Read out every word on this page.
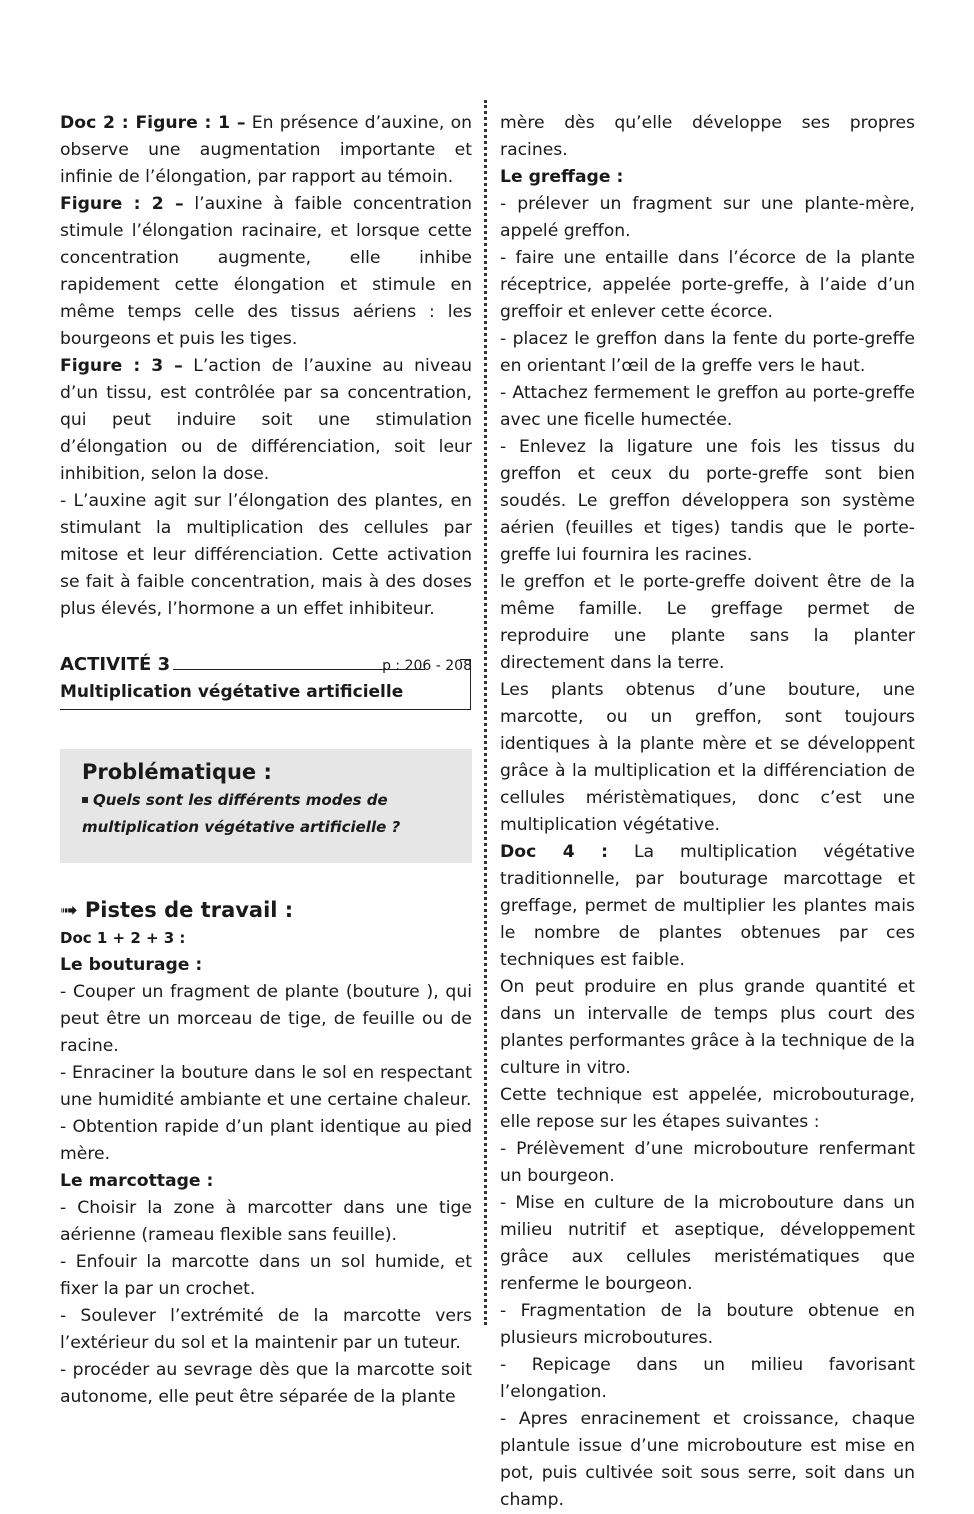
Doc 2 : Figure : 1 – En présence d’auxine, on observe une augmentation importante et infinie de l’élongation, par rapport au témoin.

Figure : 2 – l’auxine à faible concentration stimule l’élongation racinaire, et lorsque cette concentration augmente, elle inhibe rapidement cette élongation et stimule en même temps celle des tissus aériens : les bourgeons et puis les tiges.

Figure : 3 – L’action de l’auxine au niveau d’un tissu, est contrôlée par sa concentration, qui peut induire soit une stimulation d’élongation ou de différenciation, soit leur inhibition, selon la dose.

- L’auxine agit sur l’élongation des plantes, en stimulant la multiplication des cellules par mitose et leur différenciation. Cette activation se fait à faible concentration, mais à des doses plus élevés, l’hormone a un effet inhibiteur.

ACTIVITÉ 3	p : 206 - 208
Multiplication végétative artificielle
Problématique :
Quels sont les différents modes de multiplication végétative artificielle ?
➟ Pistes de travail :

Doc 1 + 2 + 3 :

Le bouturage :

- Couper un fragment de plante (bouture ), qui peut être un morceau de tige, de feuille ou de racine.

- Enraciner la bouture dans le sol en respectant une humidité ambiante et une certaine chaleur.

- Obtention rapide d’un plant identique au pied mère.

Le marcottage :

- Choisir la zone à marcotter dans une tige aérienne (rameau flexible sans feuille).

- Enfouir la marcotte dans un sol humide, et fixer la par un crochet.

- Soulever l’extrémité de la marcotte vers l’extérieur du sol et la maintenir par un tuteur.

- procéder au sevrage dès que la marcotte soit autonome, elle peut être séparée de la plante

mère dès qu’elle développe ses propres racines.

Le greffage :

- prélever un fragment sur une plante-mère, appelé greffon.

- faire une entaille dans l’écorce de la plante réceptrice, appelée porte-greffe, à l’aide d’un greffoir et enlever cette écorce.

- placez le greffon dans la fente du porte-greffe en orientant l’œil de la greffe vers le haut.

- Attachez fermement le greffon au porte-greffe avec une ficelle humectée.

- Enlevez la ligature une fois les tissus du greffon et ceux du porte-greffe sont bien soudés. Le greffon développera son système aérien (feuilles et tiges) tandis que le porte-greffe lui fournira les racines.

le greffon et le porte-greffe doivent être de la même famille. Le greffage permet de reproduire une plante sans la planter directement dans la terre.

Les plants obtenus d’une bouture, une marcotte, ou un greffon, sont toujours identiques à la plante mère et se développent grâce à la multiplication et la différenciation de cellules méristèmatiques, donc c’est une multiplication végétative.

Doc 4 : La multiplication végétative traditionnelle, par bouturage marcottage et greffage, permet de multiplier les plantes mais le nombre de plantes obtenues par ces techniques est faible.

On peut produire en plus grande quantité et dans un intervalle de temps plus court des plantes performantes grâce à la technique de la culture in vitro.

Cette technique est appelée, microbouturage, elle repose sur les étapes suivantes :

- Prélèvement d’une microbouture renfermant un bourgeon.

- Mise en culture de la microbouture dans un milieu nutritif et aseptique, développement grâce aux cellules meristématiques que renferme le bourgeon.

- Fragmentation de la bouture obtenue en plusieurs microboutures.

- Repicage dans un milieu favorisant l’elongation.

- Apres enracinement et croissance, chaque plantule issue d’une microbouture est mise en pot, puis cultivée soit sous serre, soit dans un champ.
